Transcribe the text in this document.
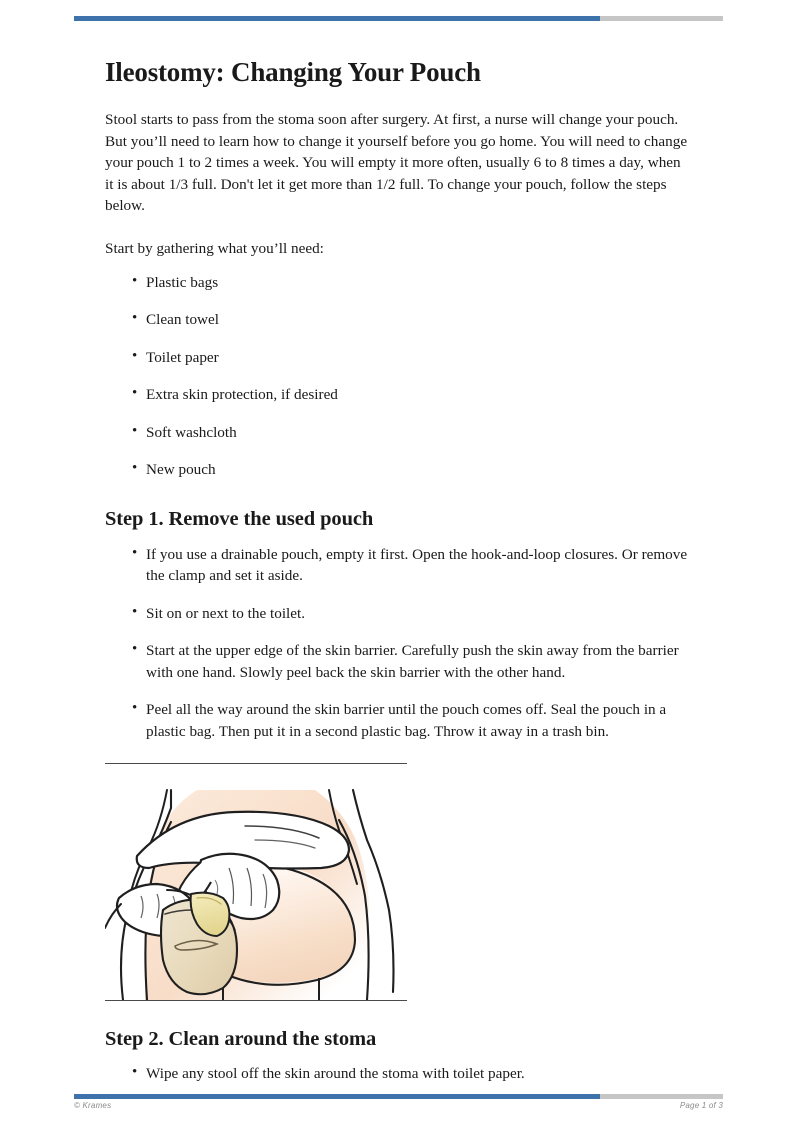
Ileostomy: Changing Your Pouch

Stool starts to pass from the stoma soon after surgery. At first, a nurse will change your pouch. But you’ll need to learn how to change it yourself before you go home. You will need to change your pouch 1 to 2 times a week. You will empty it more often, usually 6 to 8 times a day, when it is about 1/3 full. Don't let it get more than 1/2 full. To change your pouch, follow the steps below.

Start by gathering what you’ll need:

• Plastic bags
• Clean towel
• Toilet paper
• Extra skin protection, if desired
• Soft washcloth
• New pouch
Step 1. Remove the used pouch
• If you use a drainable pouch, empty it first. Open the hook-and-loop closures. Or remove the clamp and set it aside.
• Sit on or next to the toilet.
• Start at the upper edge of the skin barrier. Carefully push the skin away from the barrier with one hand. Slowly peel back the skin barrier with the other hand.
• Peel all the way around the skin barrier until the pouch comes off. Seal the pouch in a plastic bag. Then put it in a second plastic bag. Throw it away in a trash bin.
Step 2. Clean around the stoma
• Wipe any stool off the skin around the stoma with toilet paper.
© Krames	Page 1 of 3
